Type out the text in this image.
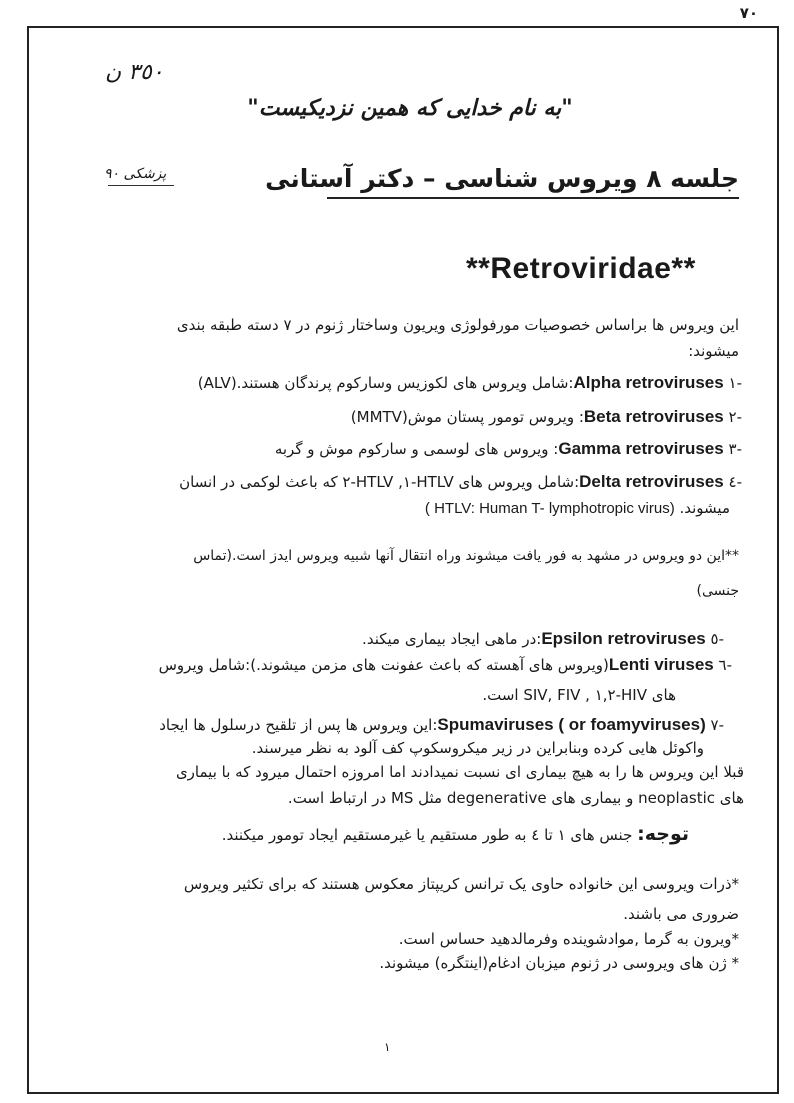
٧٠
٣٥٠ ن
"به نام خدایی که همین نزدیکیست"
پزشکی ٩٠	جلسه ٨ ویروس شناسی – دکتر آستانی
**Retroviridae**
این ویروس ها براساس خصوصیات مورفولوژی ویریون وساختار ژنوم در ٧ دسته طبقه بندی
میشوند:
-١ Alpha retroviruses:شامل ویروس های لکوزیس وسارکوم پرندگان هستند.(ALV)
-٢ Beta retroviruses: ویروس تومور پستان موش(MMTV)
-٣ Gamma retroviruses: ویروس های لوسمی و سارکوم موش و گربه
-٤ Delta retroviruses:شامل ویروس های HTLV-١, HTLV-٢ که باعث لوکمی در انسان
میشوند. ( HTLV: Human T- lymphotropic virus)
**این دو ویروس در مشهد به فور یافت میشوند وراه انتقال آنها شبیه ویروس ایدز است.(تماس
جنسی)
-٥ Epsilon retroviruses:در ماهی ایجاد بیماری میکند.
-٦ Lenti viruses(ویروس های آهسته که باعث عفونت های مزمن میشوند.):شامل ویروس
های HIV-١,٢ , SIV, FIV است.
-٧ Spumaviruses ( or foamyviruses):این ویروس ها پس از تلقیح درسلول ها ایجاد
واکوئل هایی کرده وبنابراین در زیر میکروسکوپ کف آلود به نظر میرسند.
قبلا این ویروس ها را به هیچ بیماری ای نسبت نمیدادند اما امروزه احتمال میرود که با بیماری
های neoplastic و بیماری های degenerative مثل MS در ارتباط است.
توجه: جنس های ١ تا ٤ به طور مستقیم یا غیرمستقیم ایجاد تومور میکنند.
*ذرات ویروسی این خانواده حاوی یک ترانس کریپتاز معکوس هستند که برای تکثیر ویروس
ضروری می باشند.
*ویرون به گرما ,موادشوینده وفرمالدهید حساس است.
* ژن های ویروسی در ژنوم میزبان ادغام(اینتگره) میشوند.
١
